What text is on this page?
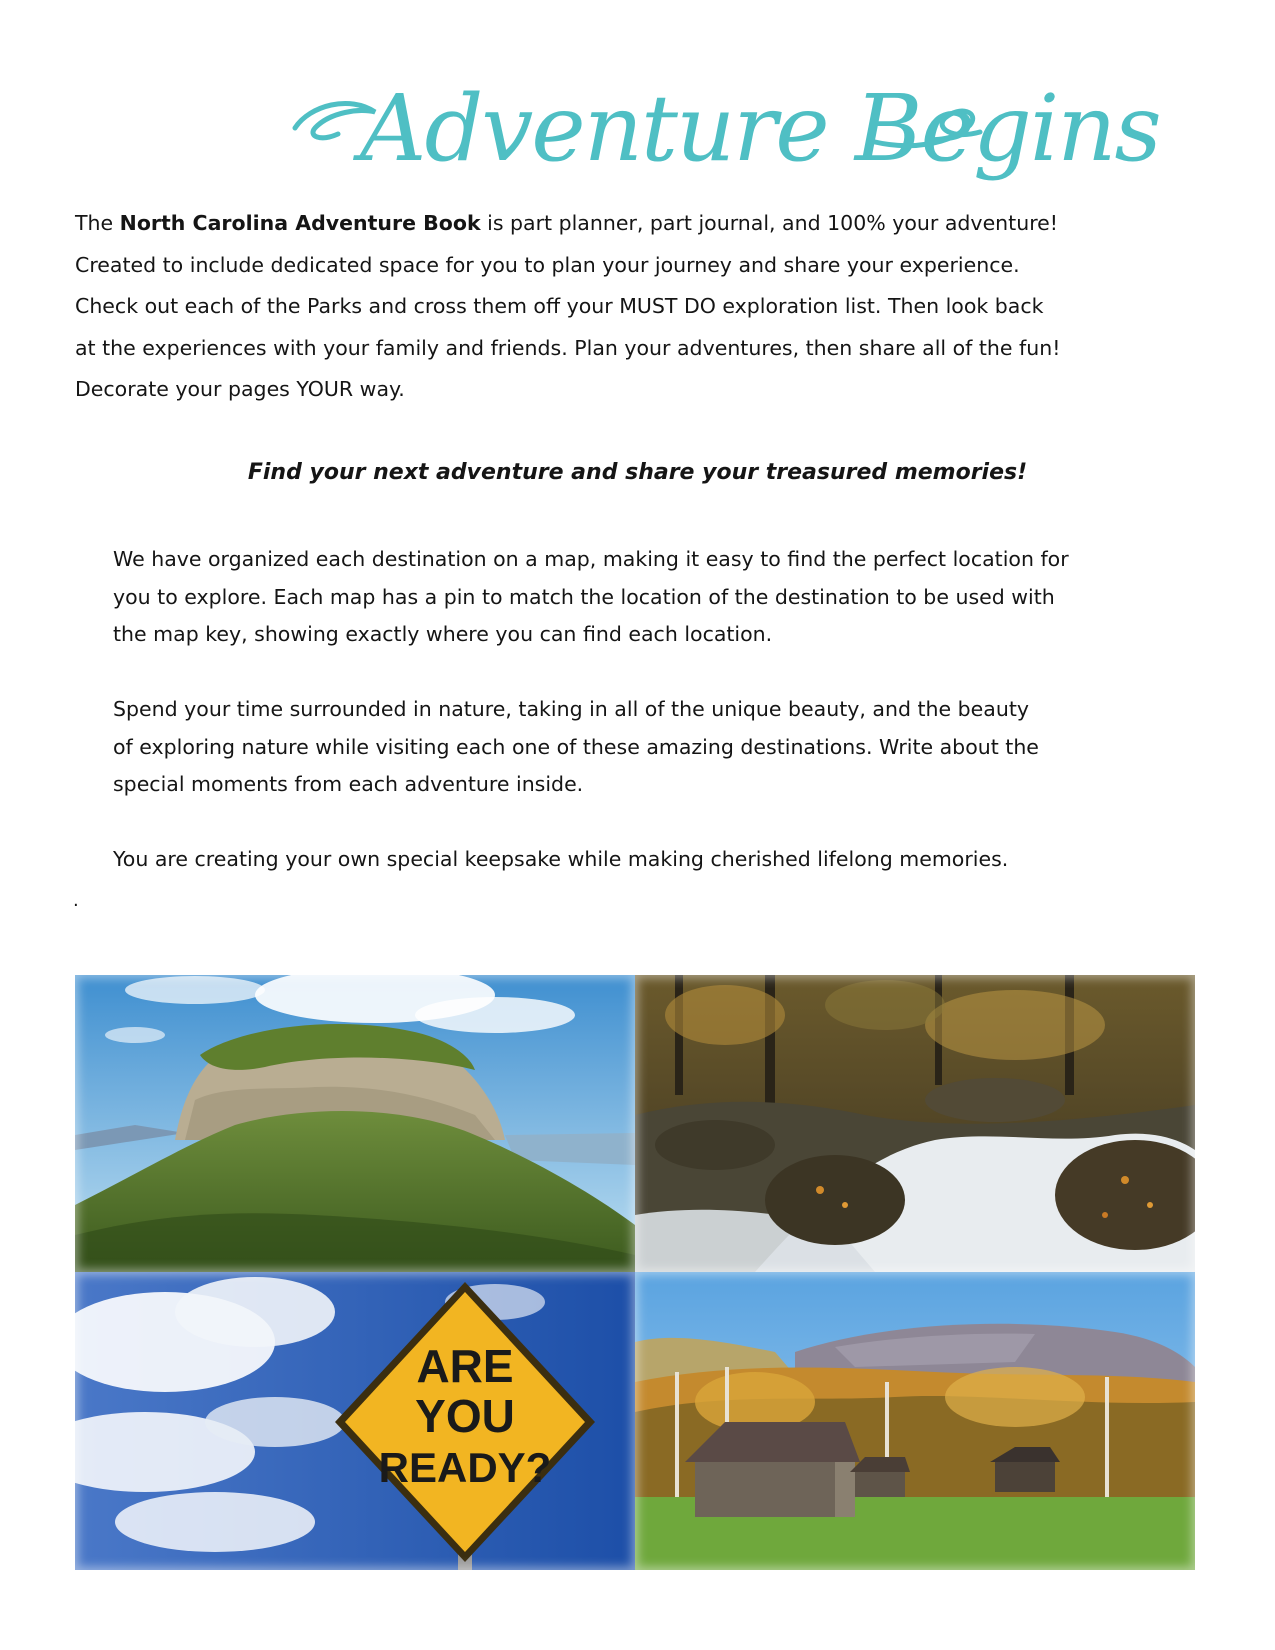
Adventure Begins
The North Carolina Adventure Book is part planner, part journal, and 100% your adventure!
Created to include dedicated space for you to plan your journey and share your experience.
Check out each of the Parks and cross them off your MUST DO exploration list. Then look back
at the experiences with your family and friends. Plan your adventures, then share all of the fun!
Decorate your pages YOUR way.
Find your next adventure and share your treasured memories!
We have organized each destination on a map, making it easy to find the perfect location for
you to explore. Each map has a pin to match the location of the destination to be used with
the map key, showing exactly where you can find each location.
Spend your time surrounded in nature, taking in all of the unique beauty, and the beauty
of exploring nature while visiting each one of these amazing destinations. Write about the
special moments from each adventure inside.
You are creating your own special keepsake while making cherished lifelong memories.
.
ARE
YOU
READY?
